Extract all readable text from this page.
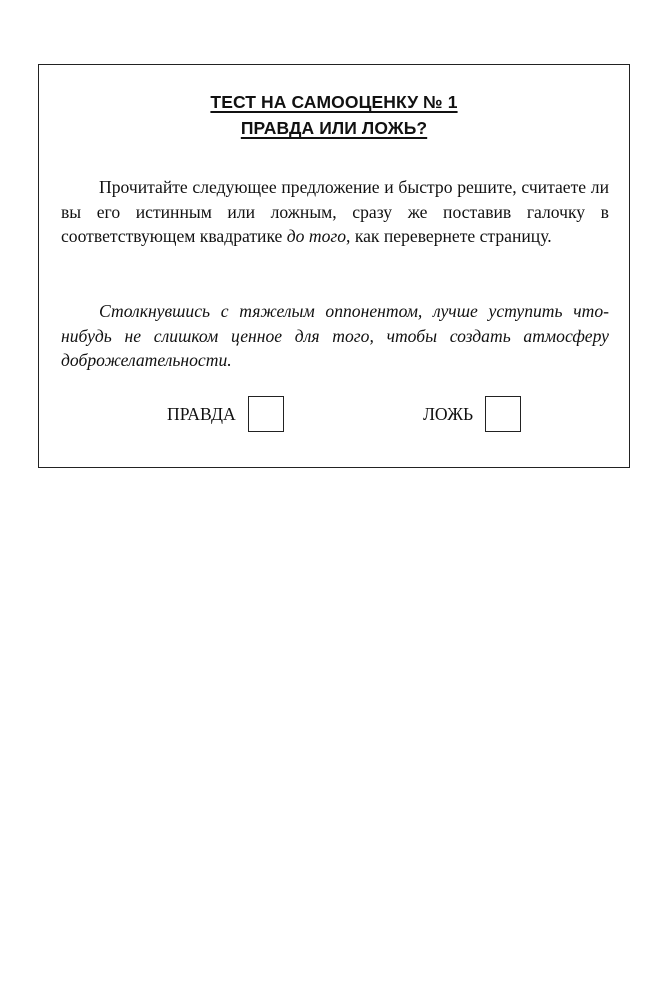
ТЕСТ НА САМООЦЕНКУ № 1
ПРАВДА ИЛИ ЛОЖЬ?

Прочитайте следующее предложение и быстро решите, считаете ли вы его истинным или ложным, сразу же поставив галочку в соответствующем квадратике до того, как перевернете страницу.

Столкнувшись с тяжелым оппонентом, лучше уступить что-нибудь не слишком ценное для того, чтобы создать атмосферу доброжелательности.

ПРАВДА	ЛОЖЬ
